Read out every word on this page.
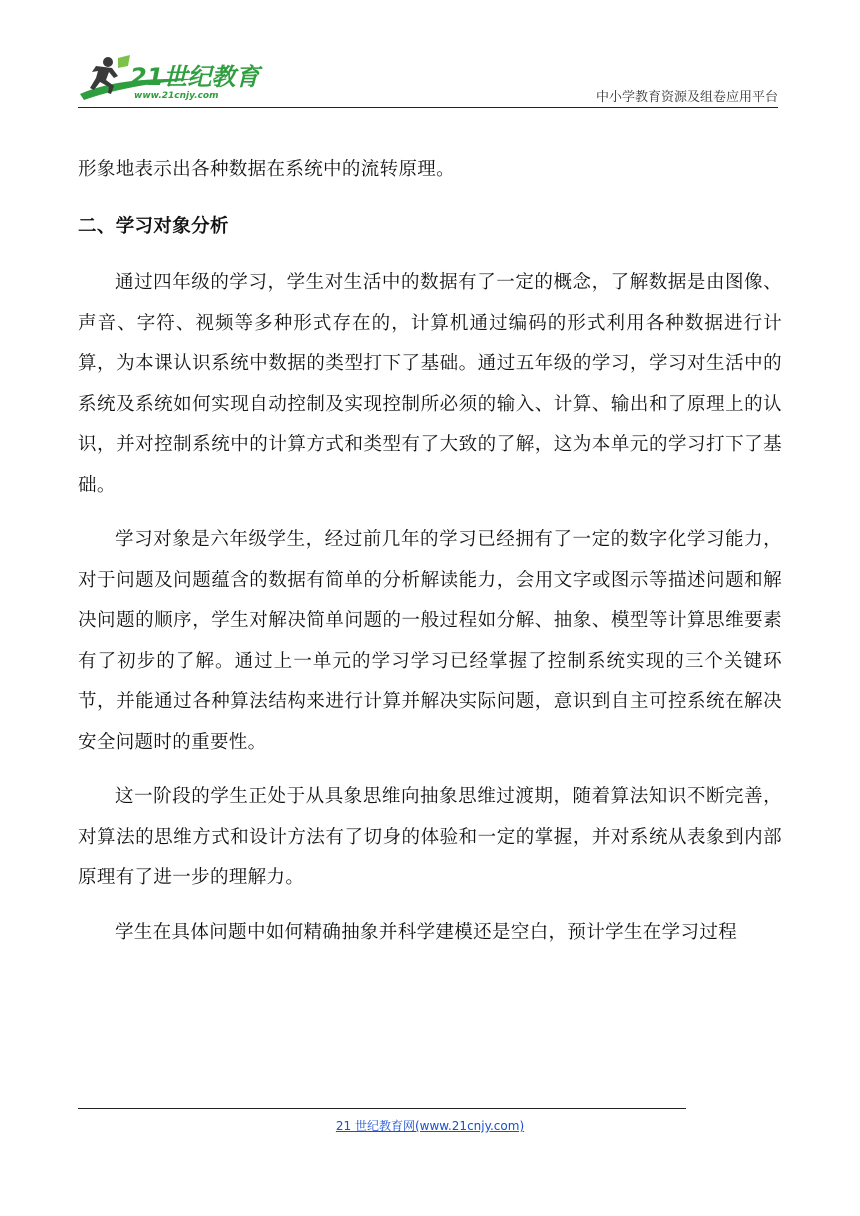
21世纪教育
www.21cnjy.com	中小学教育资源及组卷应用平台

形象地表示出各种数据在系统中的流转原理。

二、学习对象分析

通过四年级的学习，学生对生活中的数据有了一定的概念，了解数据是由图像、声音、字符、视频等多种形式存在的，计算机通过编码的形式利用各种数据进行计算，为本课认识系统中数据的类型打下了基础。通过五年级的学习，学习对生活中的系统及系统如何实现自动控制及实现控制所必须的输入、计算、输出和了原理上的认识，并对控制系统中的计算方式和类型有了大致的了解，这为本单元的学习打下了基础。

学习对象是六年级学生，经过前几年的学习已经拥有了一定的数字化学习能力，对于问题及问题蕴含的数据有简单的分析解读能力，会用文字或图示等描述问题和解决问题的顺序，学生对解决简单问题的一般过程如分解、抽象、模型等计算思维要素有了初步的了解。通过上一单元的学习学习已经掌握了控制系统实现的三个关键环节，并能通过各种算法结构来进行计算并解决实际问题，意识到自主可控系统在解决安全问题时的重要性。

这一阶段的学生正处于从具象思维向抽象思维过渡期，随着算法知识不断完善，对算法的思维方式和设计方法有了切身的体验和一定的掌握，并对系统从表象到内部原理有了进一步的理解力。

学生在具体问题中如何精确抽象并科学建模还是空白，预计学生在学习过程

21 世纪教育网(www.21cnjy.com)
